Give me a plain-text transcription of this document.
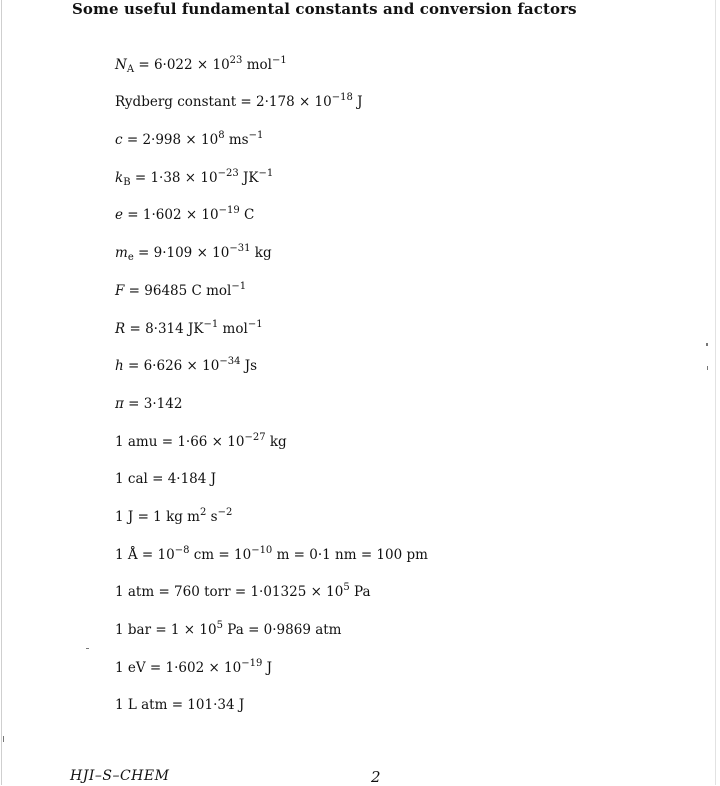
Some useful fundamental constants and conversion factors
$N_A = 6\cdot 022 \times 10^{23}$ mol$^{-1}$
Rydberg constant = $2\cdot 178 \times 10^{-18}$ J
$c = 2\cdot 998 \times 10^8$ $ms^{-1}$
$k_B = 1\cdot 38 \times 10^{-23}$ $JK^{-1}$
$e = 1\cdot 602 \times 10^{-19}$ C
$m_e = 9\cdot 109 \times 10^{-31}$ kg
F = 96485 C mol$^{-1}$
R = 8·314 $JK^{-1}$ mol$^{-1}$
$h = 6\cdot 626 \times 10^{-34}$ Js
π = 3·142
1 amu = $1\cdot 66 \times 10^{-27}$ kg
1 cal = 4·184 J
1 J = 1 kg $m^2$ $s^{-2}$
1 Å = $10^{-8}$ cm = $10^{-10}$ m = 0·1 nm = 100 pm
1 atm = 760 torr = $1\cdot 01325 \times 10^5$ Pa
1 bar = $1 \times 10^5$ Pa = 0·9869 atm
1 eV = $1\cdot 602 \times 10^{-19}$ J
1 L atm = 101·34 J
HJI–S–CHEM	2
